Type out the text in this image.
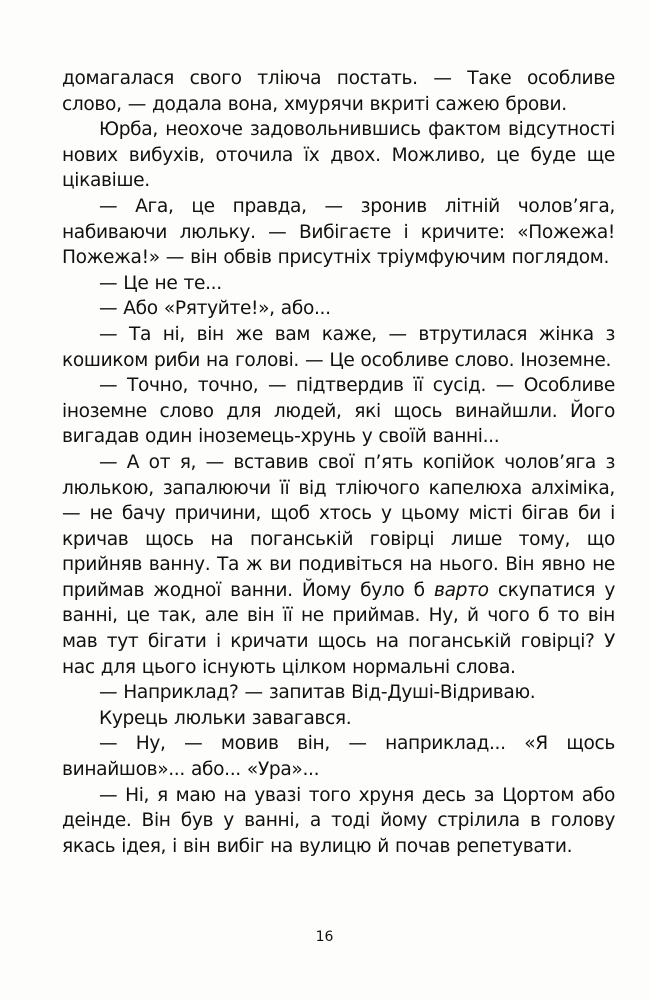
домагалася свого тліюча постать. — Таке особливе слово, — додала вона, хмурячи вкриті сажею брови.

Юрба, неохоче задовольнившись фактом відсутності нових вибухів, оточила їх двох. Можливо, це буде ще цікавіше.

— Ага, це правда, — зронив літній чолов’яга, набиваючи люльку. — Вибігаєте і кричите: «Пожежа! Пожежа!» — він обвів присутніх тріумфуючим поглядом.

— Це не те...

— Або «Рятуйте!», або...

— Та ні, він же вам каже, — втрутилася жінка з кошиком риби на голові. — Це особливе слово. Іноземне.

— Точно, точно, — підтвердив її сусід. — Особливе іноземне слово для людей, які щось винайшли. Його вигадав один іноземець-хрунь у своїй ванні...

— А от я, — вставив свої п’ять копійок чолов’яга з люлькою, запалюючи її від тліючого капелюха алхіміка, — не бачу причини, щоб хтось у цьому місті бігав би і кричав щось на поганській говірці лише тому, що прийняв ванну. Та ж ви подивіться на нього. Він явно не приймав жодної ванни. Йому було б варто скупатися у ванні, це так, але він її не приймав. Ну, й чого б то він мав тут бігати і кричати щось на поганській говірці? У нас для цього існують цілком нормальні слова.

— Наприклад? — запитав Від-Душі-Відриваю.

Курець люльки завагався.

— Ну, — мовив він, — наприклад... «Я щось винайшов»... або... «Ура»...

— Ні, я маю на увазі того хруня десь за Цортом або деінде. Він був у ванні, а тоді йому стрілила в голову якась ідея, і він вибіг на вулицю й почав репетувати.

16
